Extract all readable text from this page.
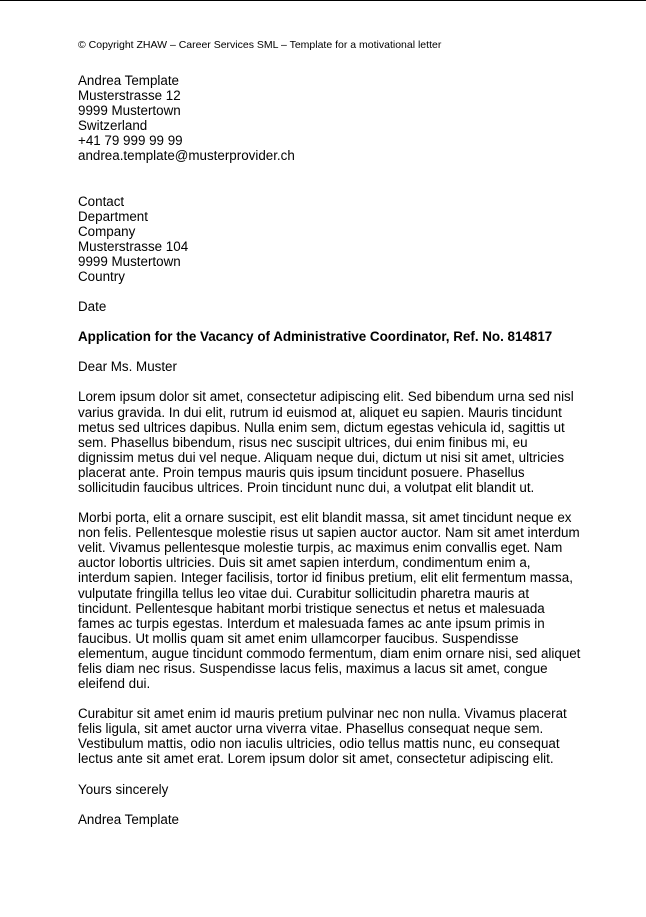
© Copyright ZHAW – Career Services SML – Template for a motivational letter
Andrea Template
Musterstrasse 12
9999 Mustertown
Switzerland
+41 79 999 99 99
andrea.template@musterprovider.ch
Contact
Department
Company
Musterstrasse 104
9999 Mustertown
Country
Date
Application for the Vacancy of Administrative Coordinator, Ref. No. 814817
Dear Ms. Muster
Lorem ipsum dolor sit amet, consectetur adipiscing elit. Sed bibendum urna sed nisl
varius gravida. In dui elit, rutrum id euismod at, aliquet eu sapien. Mauris tincidunt
metus sed ultrices dapibus. Nulla enim sem, dictum egestas vehicula id, sagittis ut
sem. Phasellus bibendum, risus nec suscipit ultrices, dui enim finibus mi, eu
dignissim metus dui vel neque. Aliquam neque dui, dictum ut nisi sit amet, ultricies
placerat ante. Proin tempus mauris quis ipsum tincidunt posuere. Phasellus
sollicitudin faucibus ultrices. Proin tincidunt nunc dui, a volutpat elit blandit ut.
Morbi porta, elit a ornare suscipit, est elit blandit massa, sit amet tincidunt neque ex
non felis. Pellentesque molestie risus ut sapien auctor auctor. Nam sit amet interdum
velit. Vivamus pellentesque molestie turpis, ac maximus enim convallis eget. Nam
auctor lobortis ultricies. Duis sit amet sapien interdum, condimentum enim a,
interdum sapien. Integer facilisis, tortor id finibus pretium, elit elit fermentum massa,
vulputate fringilla tellus leo vitae dui. Curabitur sollicitudin pharetra mauris at
tincidunt. Pellentesque habitant morbi tristique senectus et netus et malesuada
fames ac turpis egestas. Interdum et malesuada fames ac ante ipsum primis in
faucibus. Ut mollis quam sit amet enim ullamcorper faucibus. Suspendisse
elementum, augue tincidunt commodo fermentum, diam enim ornare nisi, sed aliquet
felis diam nec risus. Suspendisse lacus felis, maximus a lacus sit amet, congue
eleifend dui.
Curabitur sit amet enim id mauris pretium pulvinar nec non nulla. Vivamus placerat
felis ligula, sit amet auctor urna viverra vitae. Phasellus consequat neque sem.
Vestibulum mattis, odio non iaculis ultricies, odio tellus mattis nunc, eu consequat
lectus ante sit amet erat. Lorem ipsum dolor sit amet, consectetur adipiscing elit.
Yours sincerely
Andrea Template
